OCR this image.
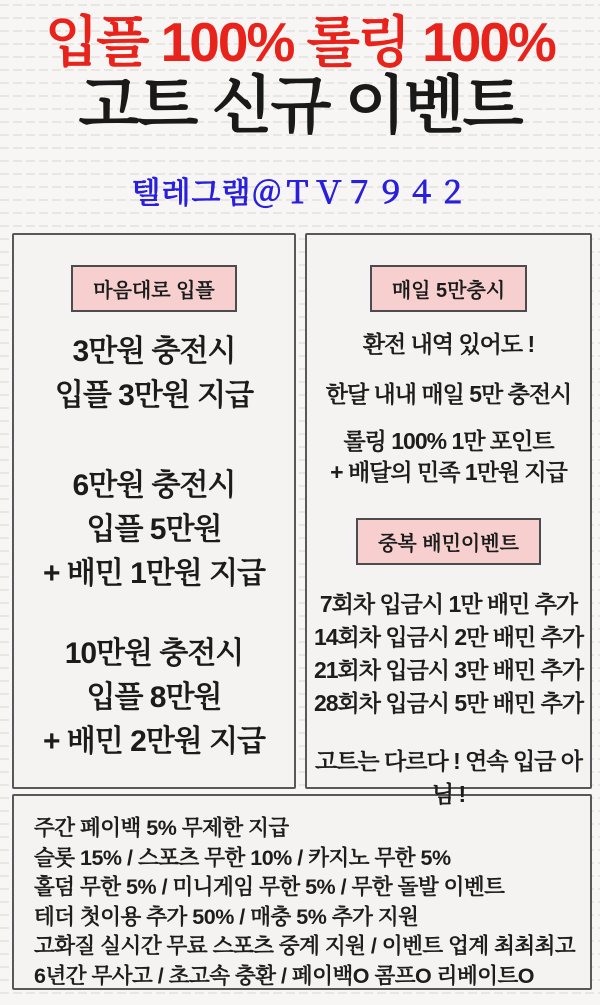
입플 100% 롤링 100%
고트 신규 이벤트
텔레그램＠ＴＶ７９４２
마음대로 입플
3만원 충전시
입플 3만원 지급
6만원 충전시
입플 5만원
+ 배민 1만원 지급
10만원 충전시
입플 8만원
+ 배민 2만원 지급
매일 5만충시
환전 내역 있어도 !
한달 내내 매일 5만 충전시
롤링 100% 1만 포인트
+ 배달의 민족 1만원 지급
중복 배민이벤트
7회차 입금시 1만 배민 추가
14회차 입금시 2만 배민 추가
21회차 입금시 3만 배민 추가
28회차 입금시 5만 배민 추가
고트는 다르다 ! 연속 입금 아님 !
주간 페이백 5% 무제한 지급
슬롯 15% / 스포츠 무한 10% / 카지노 무한 5%
홀덤 무한 5% / 미니게임 무한 5% / 무한 돌발 이벤트
테더 첫이용 추가 50% / 매충 5% 추가 지원
고화질 실시간 무료 스포츠 중계 지원 / 이벤트 업계 최최최고
6년간 무사고 / 초고속 충환 / 페이백O 콤프O 리베이트O
